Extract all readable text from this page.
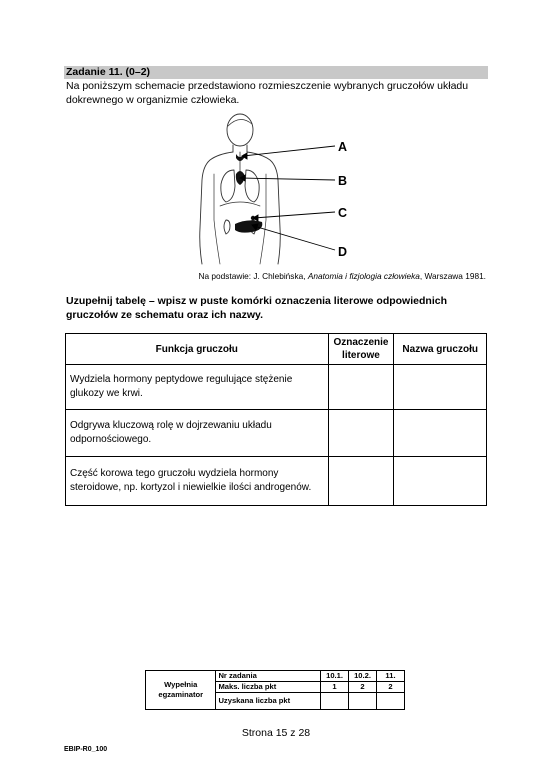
Zadanie 11. (0–2)
Na poniższym schemacie przedstawiono rozmieszczenie wybranych gruczołów układu dokrewnego w organizmie człowieka.
A
B
C
D
Na podstawie: J. Chlebińska, Anatomia i fizjologia człowieka, Warszawa 1981.
Uzupełnij tabelę – wpisz w puste komórki oznaczenia literowe odpowiednich gruczołów ze schematu oraz ich nazwy.
Funkcja gruczołu	Oznaczenie literowe	Nazwa gruczołu
Wydziela hormony peptydowe regulujące stężenie glukozy we krwi.		
Odgrywa kluczową rolę w dojrzewaniu układu odpornościowego.		
Część korowa tego gruczołu wydziela hormony steroidowe, np. kortyzol i niewielkie ilości androgenów.		
Wypełnia egzaminator	Nr zadania	10.1.	10.2.	11.
	Maks. liczba pkt	1	2	2
	Uzyskana liczba pkt			
Strona 15 z 28
EBIP-R0_100
